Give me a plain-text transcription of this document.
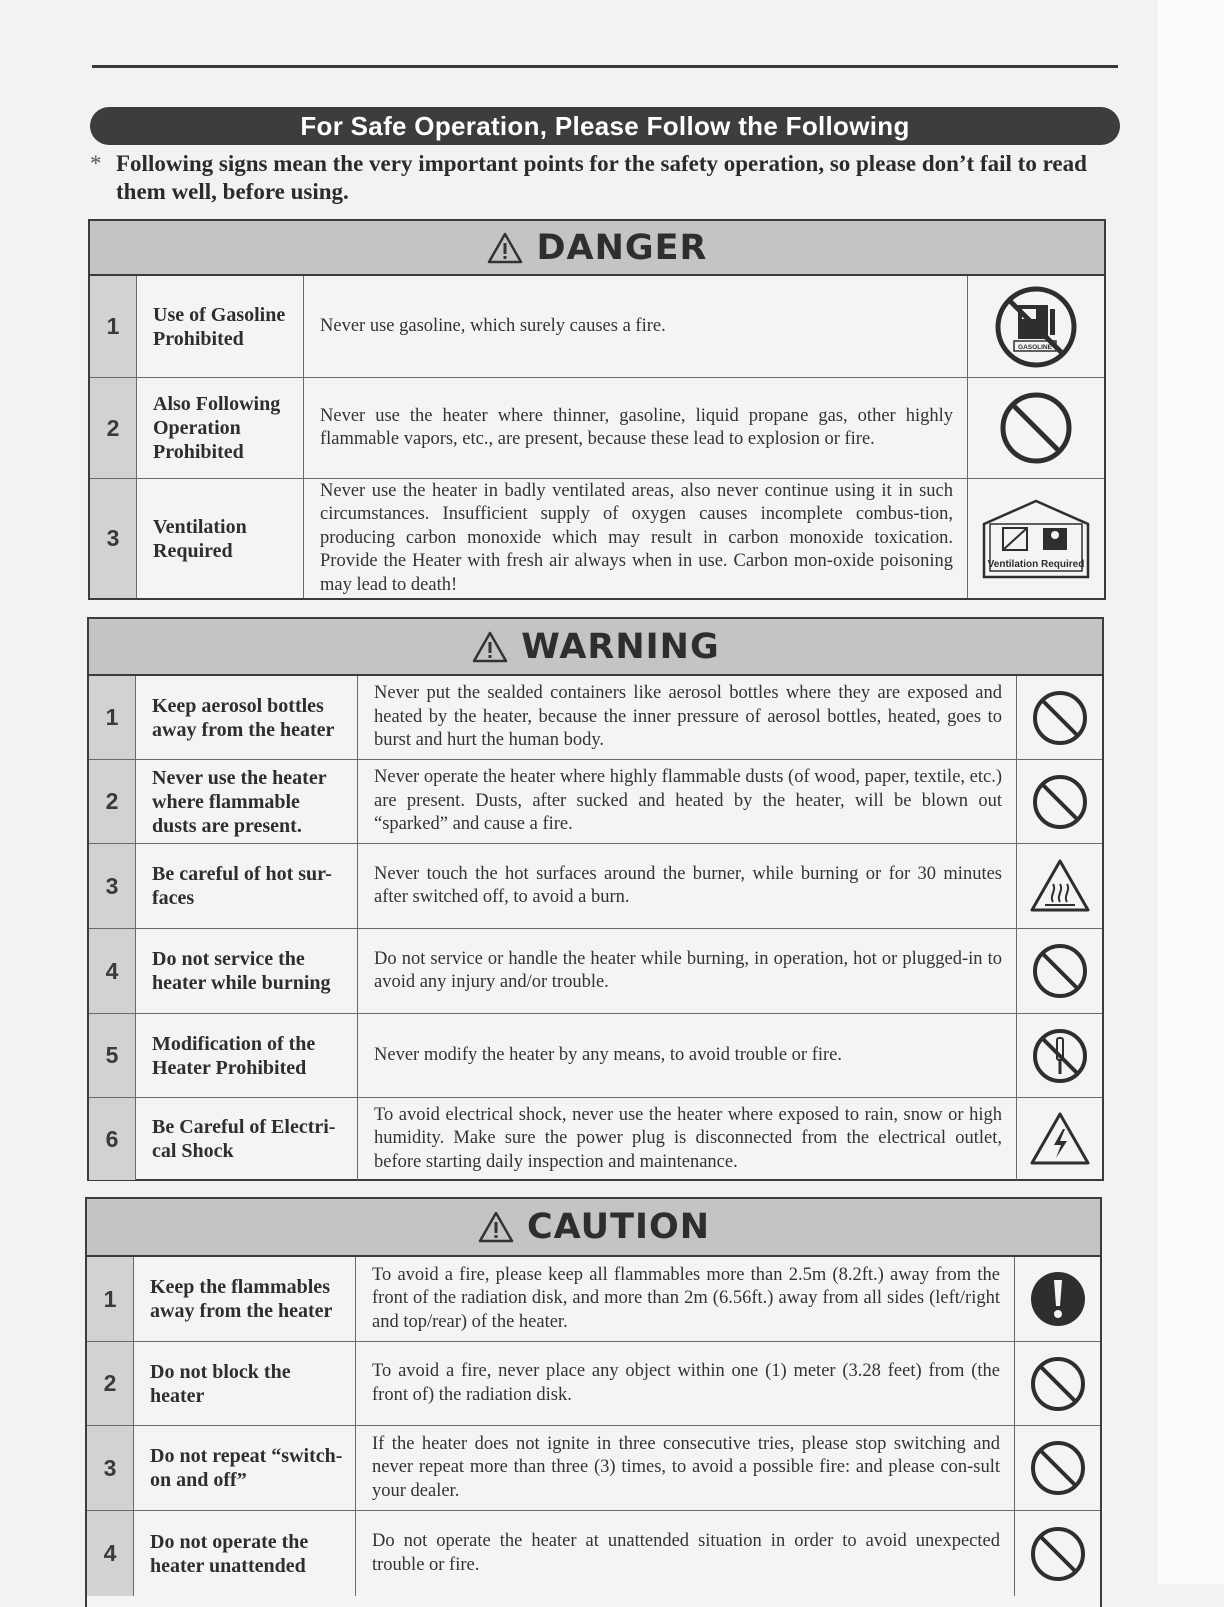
For Safe Operation, Please Follow the Following
* Following signs mean the very important points for the safety operation, so please don’t fail to read
them well, before using.
DANGER
1	Use of Gasoline Prohibited
Never use gasoline, which surely causes a fire.
GASOLINE
2
Also Following Operation Prohibited
Never use the heater where thinner, gasoline, liquid propane gas, other highly flammable vapors, etc., are present, because these lead to explosion or fire.
3	Ventilation Required
Never use the heater in badly ventilated areas, also never continue using it in such circumstances. Insufficient supply of oxygen causes incomplete combus-tion, producing carbon monoxide which may result in carbon monoxide toxication. Provide the Heater with fresh air always when in use. Carbon mon-oxide poisoning may lead to death!
Ventilation Required
WARNING
1	Keep aerosol bottles away from the heater
Never put the sealded containers like aerosol bottles where they are exposed and heated by the heater, because the inner pressure of aerosol bottles, heated, goes to burst and hurt the human body.
2
Never use the heater where flammable dusts are present.
Never operate the heater where highly flammable dusts (of wood, paper, textile, etc.) are present. Dusts, after sucked and heated by the heater, will be blown out “sparked” and cause a fire.
3	Be careful of hot sur-faces
Never touch the hot surfaces around the burner, while burning or for 30 minutes after switched off, to avoid a burn.
4	Do not service the heater while burning
Do not service or handle the heater while burning, in operation, hot or plugged-in to avoid any injury and/or trouble.
5	Modification of the Heater Prohibited
Never modify the heater by any means, to avoid trouble or fire.
6	Be Careful of Electri-cal Shock
To avoid electrical shock, never use the heater where exposed to rain, snow or high humidity. Make sure the power plug is disconnected from the electrical outlet, before starting daily inspection and maintenance.
CAUTION
1	Keep the flammables away from the heater
To avoid a fire, please keep all flammables more than 2.5m (8.2ft.) away from the front of the radiation disk, and more than 2m (6.56ft.) away from all sides (left/right and top/rear) of the heater.
2	Do not block the heater
To avoid a fire, never place any object within one (1) meter (3.28 feet) from (the front of) the radiation disk.
3	Do not repeat “switch-on and off”
If the heater does not ignite in three consecutive tries, please stop switching and never repeat more than three (3) times, to avoid a possible fire: and please con-sult your dealer.
4	Do not operate the heater unattended
Do not operate the heater at unattended situation in order to avoid unexpected trouble or fire.
